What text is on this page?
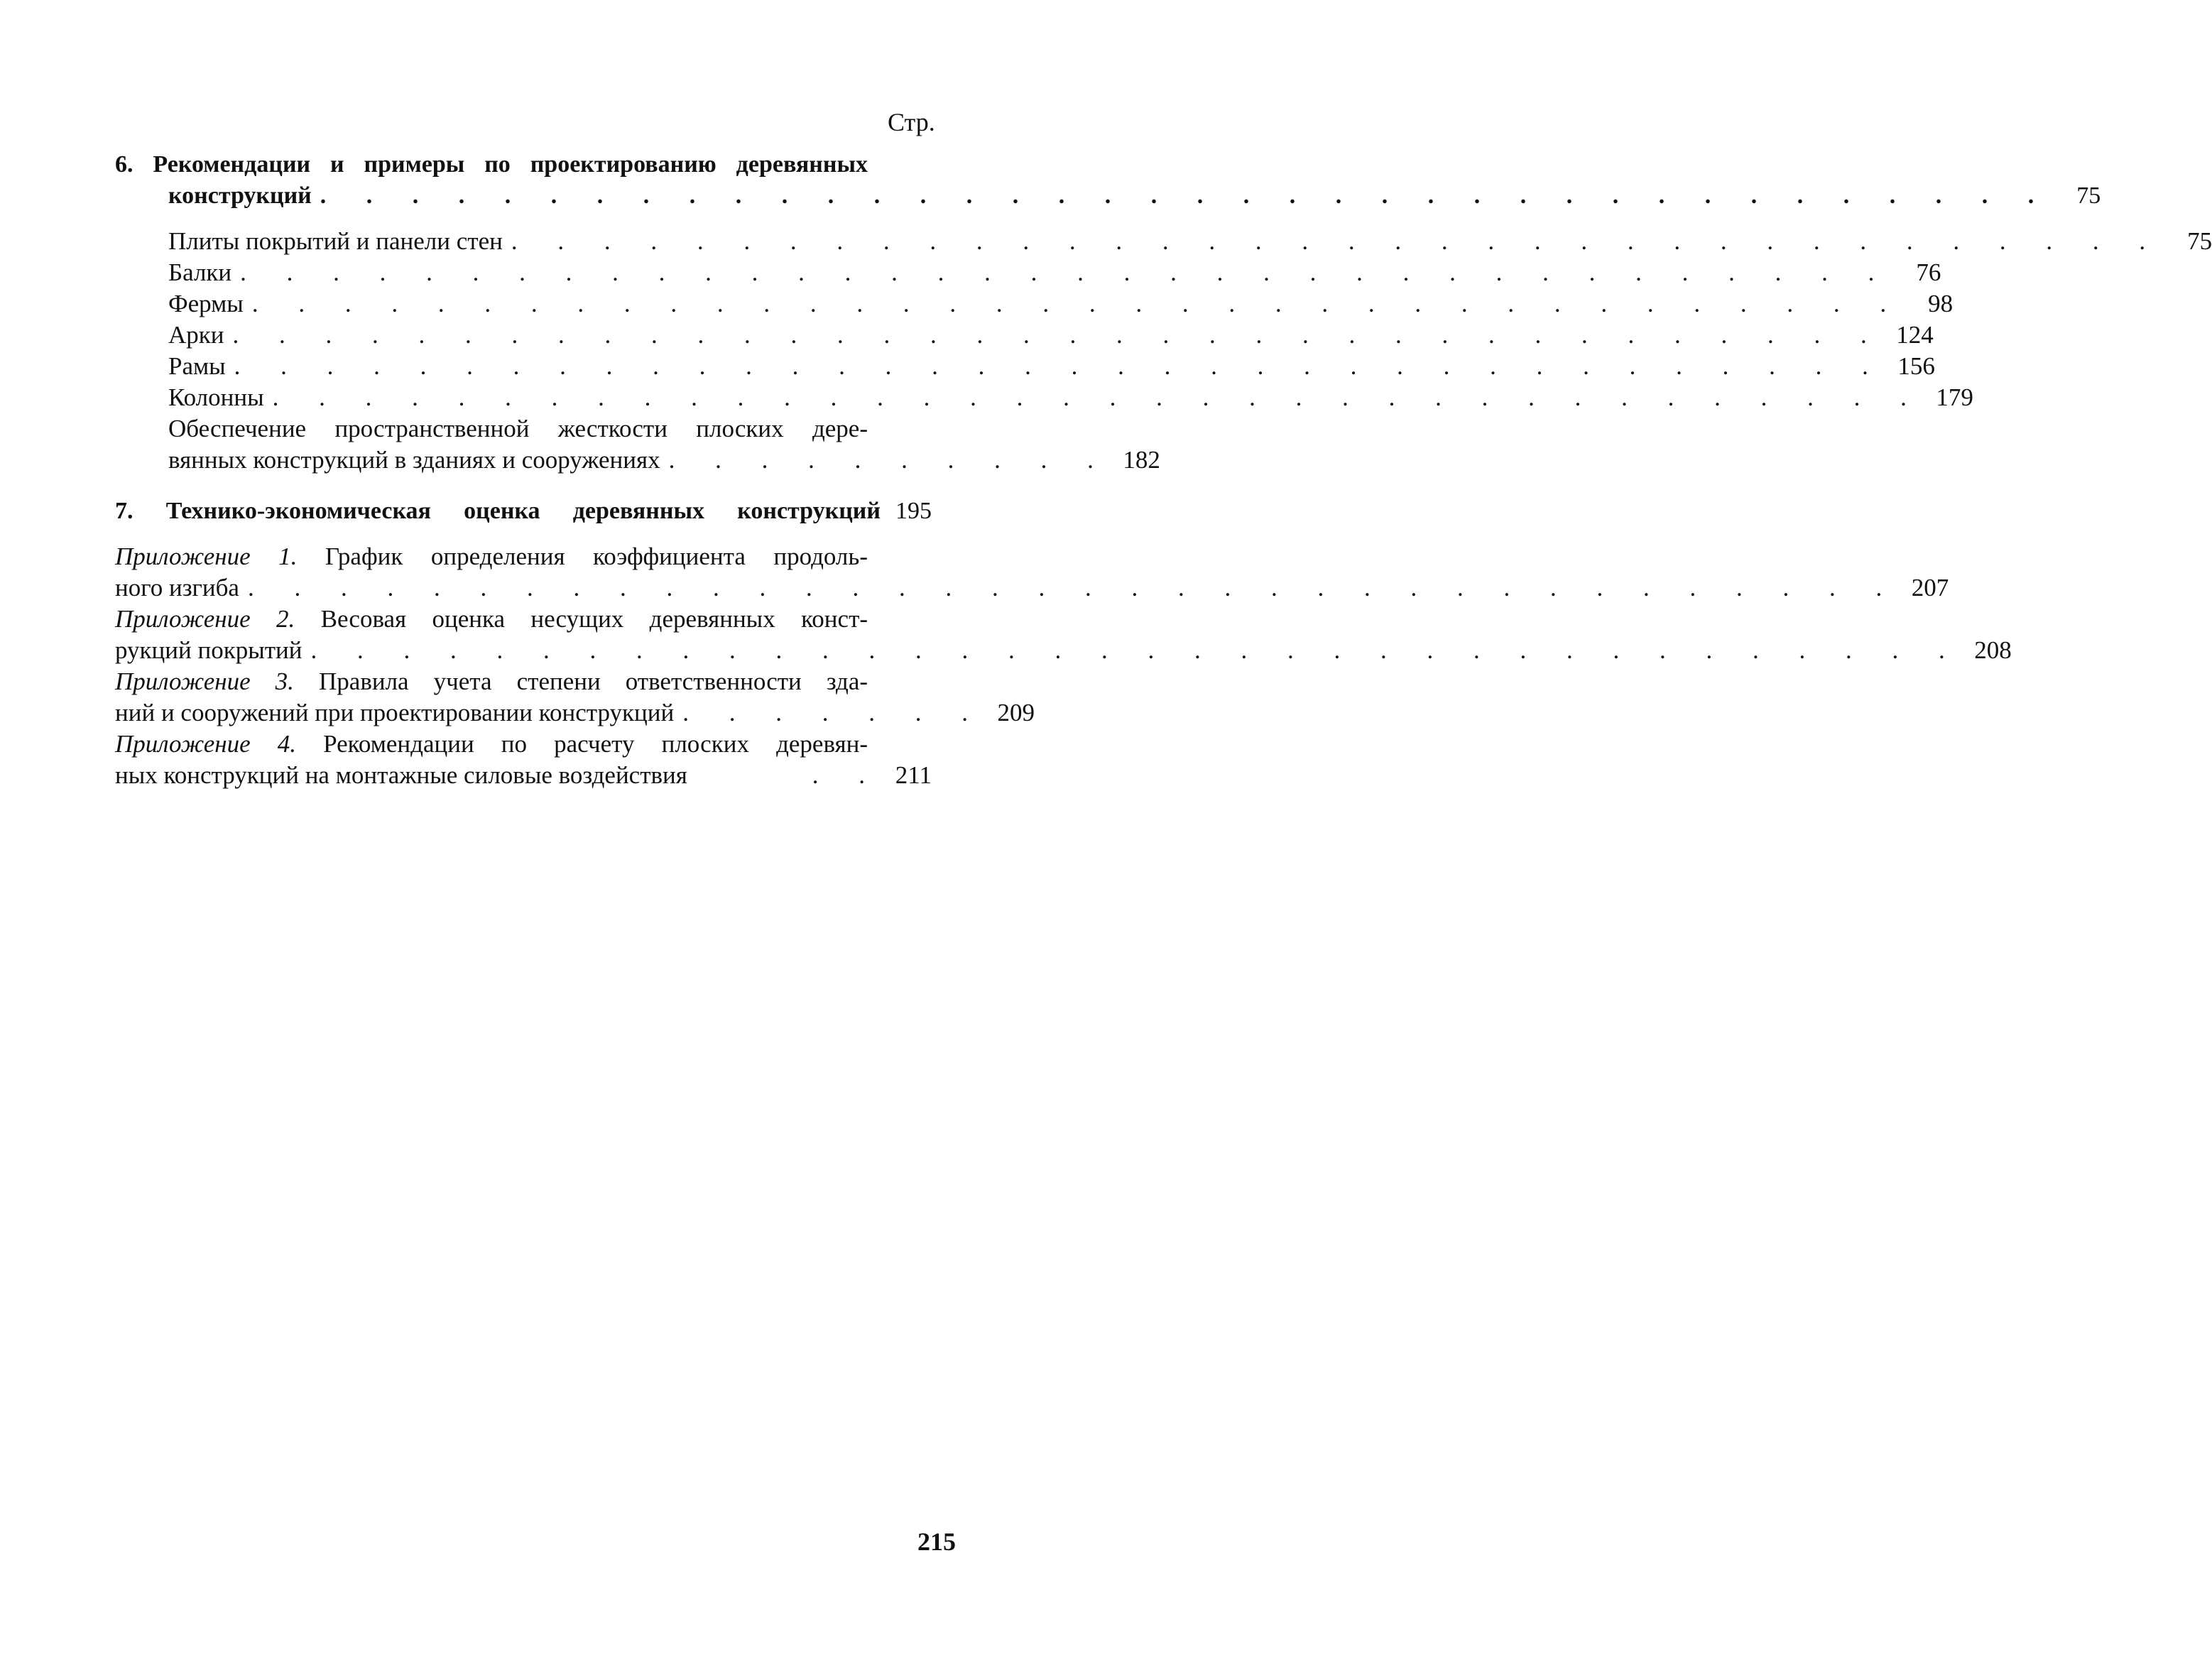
Стр.
6. Рекомендации и примеры по проектированию деревянных
конструкций . . . . . . . . . . . . . . . . . . . . . . . . . . . . . . . . . . . . . .	75
Плиты покрытий и панели стен . . . . . . . . . . . . . . . . . . . . . . . . . . . . . . . . . . . .	75
Балки . . . . . . . . . . . . . . . . . . . . . . . . . . . . . . . . . . . .	76
Фермы . . . . . . . . . . . . . . . . . . . . . . . . . . . . . . . . . . . .	98
Арки . . . . . . . . . . . . . . . . . . . . . . . . . . . . . . . . . . . . 124
Рамы . . . . . . . . . . . . . . . . . . . . . . . . . . . . . . . . . . . . 156
Колонны . . . . . . . . . . . . . . . . . . . . . . . . . . . . . . . . . . . . 179
Обеспечение пространственной жесткости плоских дере-
вянных конструкций в зданиях и сооружениях . . . . . . . . . . 182
7. Технико-экономическая оценка деревянных конструкций 195
Приложение 1. График определения коэффициента продоль-
ного изгиба . . . . . . . . . . . . . . . . . . . . . . . . . . . . . . . . . . . . 207
Приложение 2. Весовая оценка несущих деревянных конст-
рукций покрытий . . . . . . . . . . . . . . . . . . . . . . . . . . . . . . . . . . . . 208
Приложение 3. Правила учета степени ответственности зда-
ний и сооружений при проектировании конструкций . . . . . . . 209
Приложение 4. Рекомендации по расчету плоских деревян-
ных конструкций на монтажные силовые воздействия	. . 211
215
